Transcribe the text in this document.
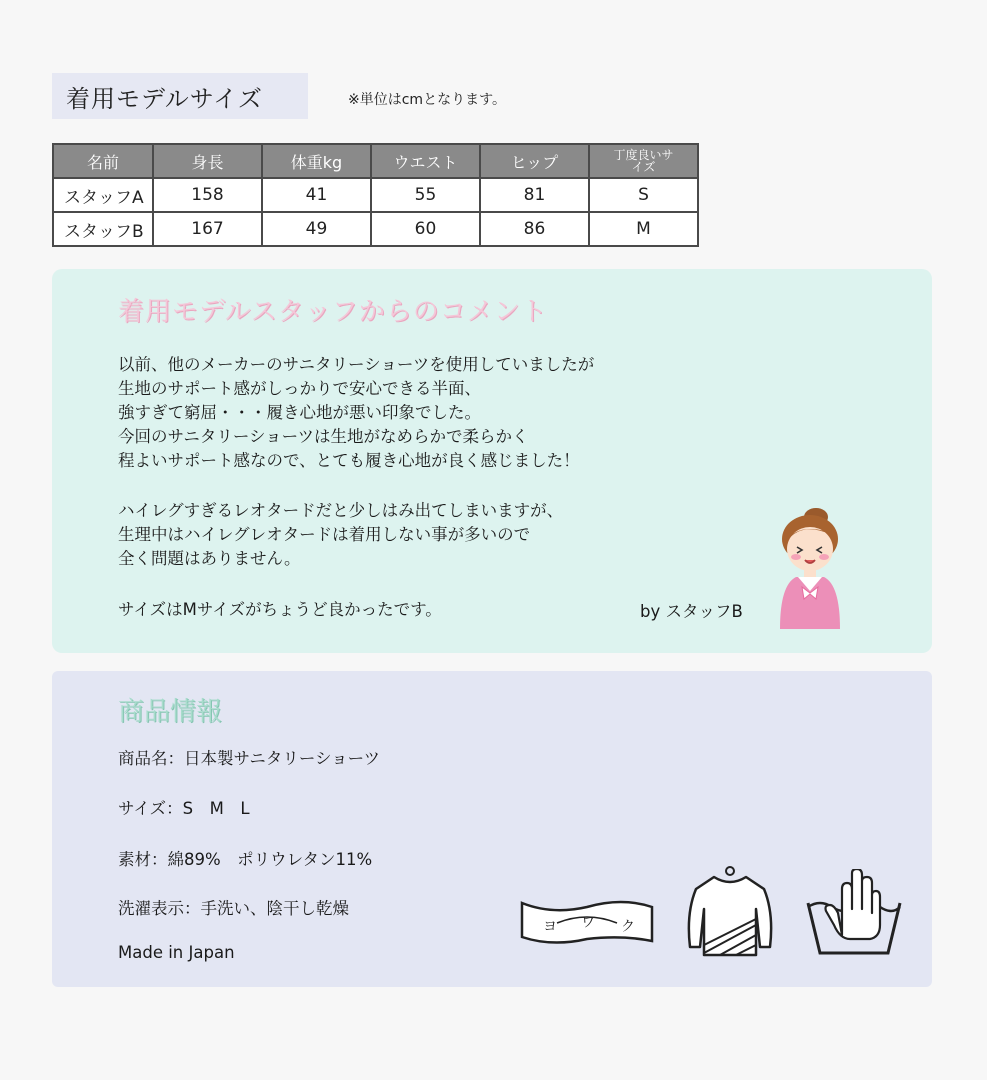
着用モデルサイズ	※単位はcmとなります。
名前	身長	体重kg	ウエスト	ヒップ	丁度良いサイズ
スタッフA	158	41	55	81	S
スタッフB	167	49	60	86	M
着用モデルスタッフからのコメント
以前、他のメーカーのサニタリーショーツを使用していましたが
生地のサポート感がしっかりで安心できる半面、
強すぎて窮屈・・・履き心地が悪い印象でした。
今回のサニタリーショーツは生地がなめらかで柔らかく
程よいサポート感なので、とても履き心地が良く感じました！
ハイレグすぎるレオタードだと少しはみ出てしまいますが、
生理中はハイレグレオタードは着用しない事が多いので
全く問題はありません。
サイズはMサイズがちょうど良かったです。	by スタッフB
商品情報
商品名：日本製サニタリーショーツ
サイズ：S　M　L
素材：綿89%　ポリウレタン11%
洗濯表示：手洗い、陰干し乾燥
Made in Japan
ヨ ワ ク
